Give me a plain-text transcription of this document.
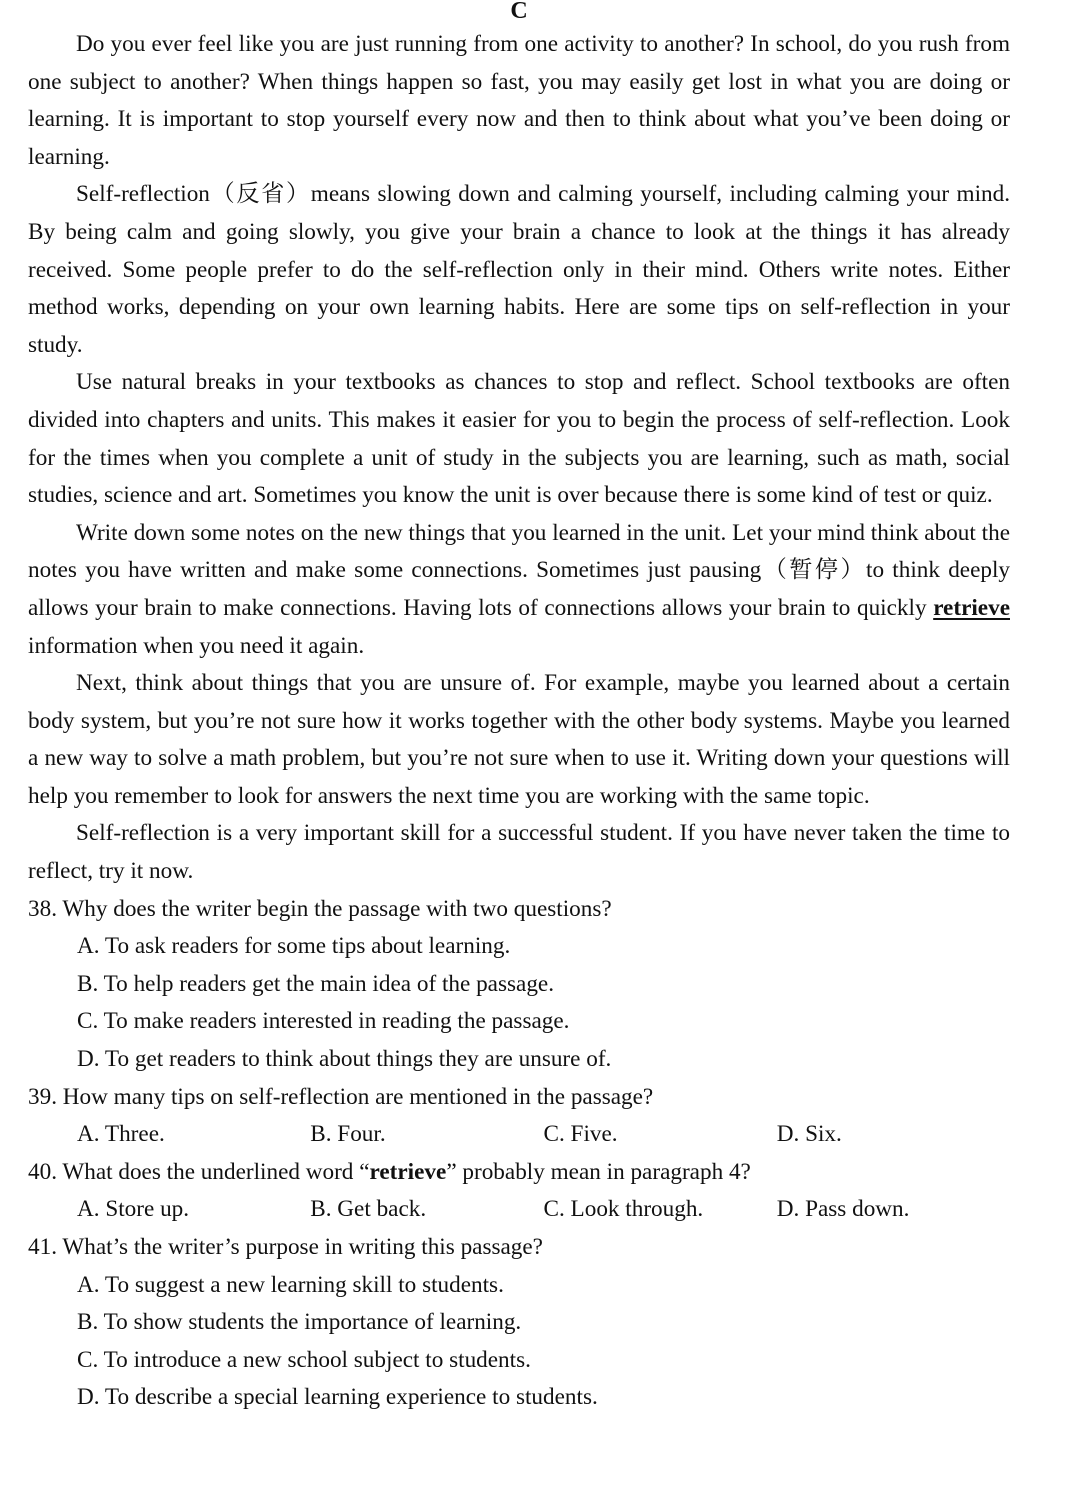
C

Do you ever feel like you are just running from one activity to another? In school, do you rush from one subject to another? When things happen so fast, you may easily get lost in what you are doing or learning. It is important to stop yourself every now and then to think about what you’ve been doing or learning.

Self-reflection（反省）means slowing down and calming yourself, including calming your mind. By being calm and going slowly, you give your brain a chance to look at the things it has already received. Some people prefer to do the self-reflection only in their mind. Others write notes. Either method works, depending on your own learning habits. Here are some tips on self-reflection in your study.

Use natural breaks in your textbooks as chances to stop and reflect. School textbooks are often divided into chapters and units. This makes it easier for you to begin the process of self-reflection. Look for the times when you complete a unit of study in the subjects you are learning, such as math, social studies, science and art. Sometimes you know the unit is over because there is some kind of test or quiz.

Write down some notes on the new things that you learned in the unit. Let your mind think about the notes you have written and make some connections. Sometimes just pausing（暂停）to think deeply allows your brain to make connections. Having lots of connections allows your brain to quickly retrieve information when you need it again.

Next, think about things that you are unsure of. For example, maybe you learned about a certain body system, but you’re not sure how it works together with the other body systems. Maybe you learned a new way to solve a math problem, but you’re not sure when to use it. Writing down your questions will help you remember to look for answers the next time you are working with the same topic.

Self-reflection is a very important skill for a successful student. If you have never taken the time to reflect, try it now.

38. Why does the writer begin the passage with two questions?

A. To ask readers for some tips about learning.

B. To help readers get the main idea of the passage.

C. To make readers interested in reading the passage.

D. To get readers to think about things they are unsure of.

39. How many tips on self-reflection are mentioned in the passage?

A. Three.	B. Four.	C. Five.	D. Six.

40. What does the underlined word “retrieve” probably mean in paragraph 4?

A. Store up.	B. Get back.	C. Look through.	D. Pass down.

41. What’s the writer’s purpose in writing this passage?

A. To suggest a new learning skill to students.

B. To show students the importance of learning.

C. To introduce a new school subject to students.

D. To describe a special learning experience to students.
